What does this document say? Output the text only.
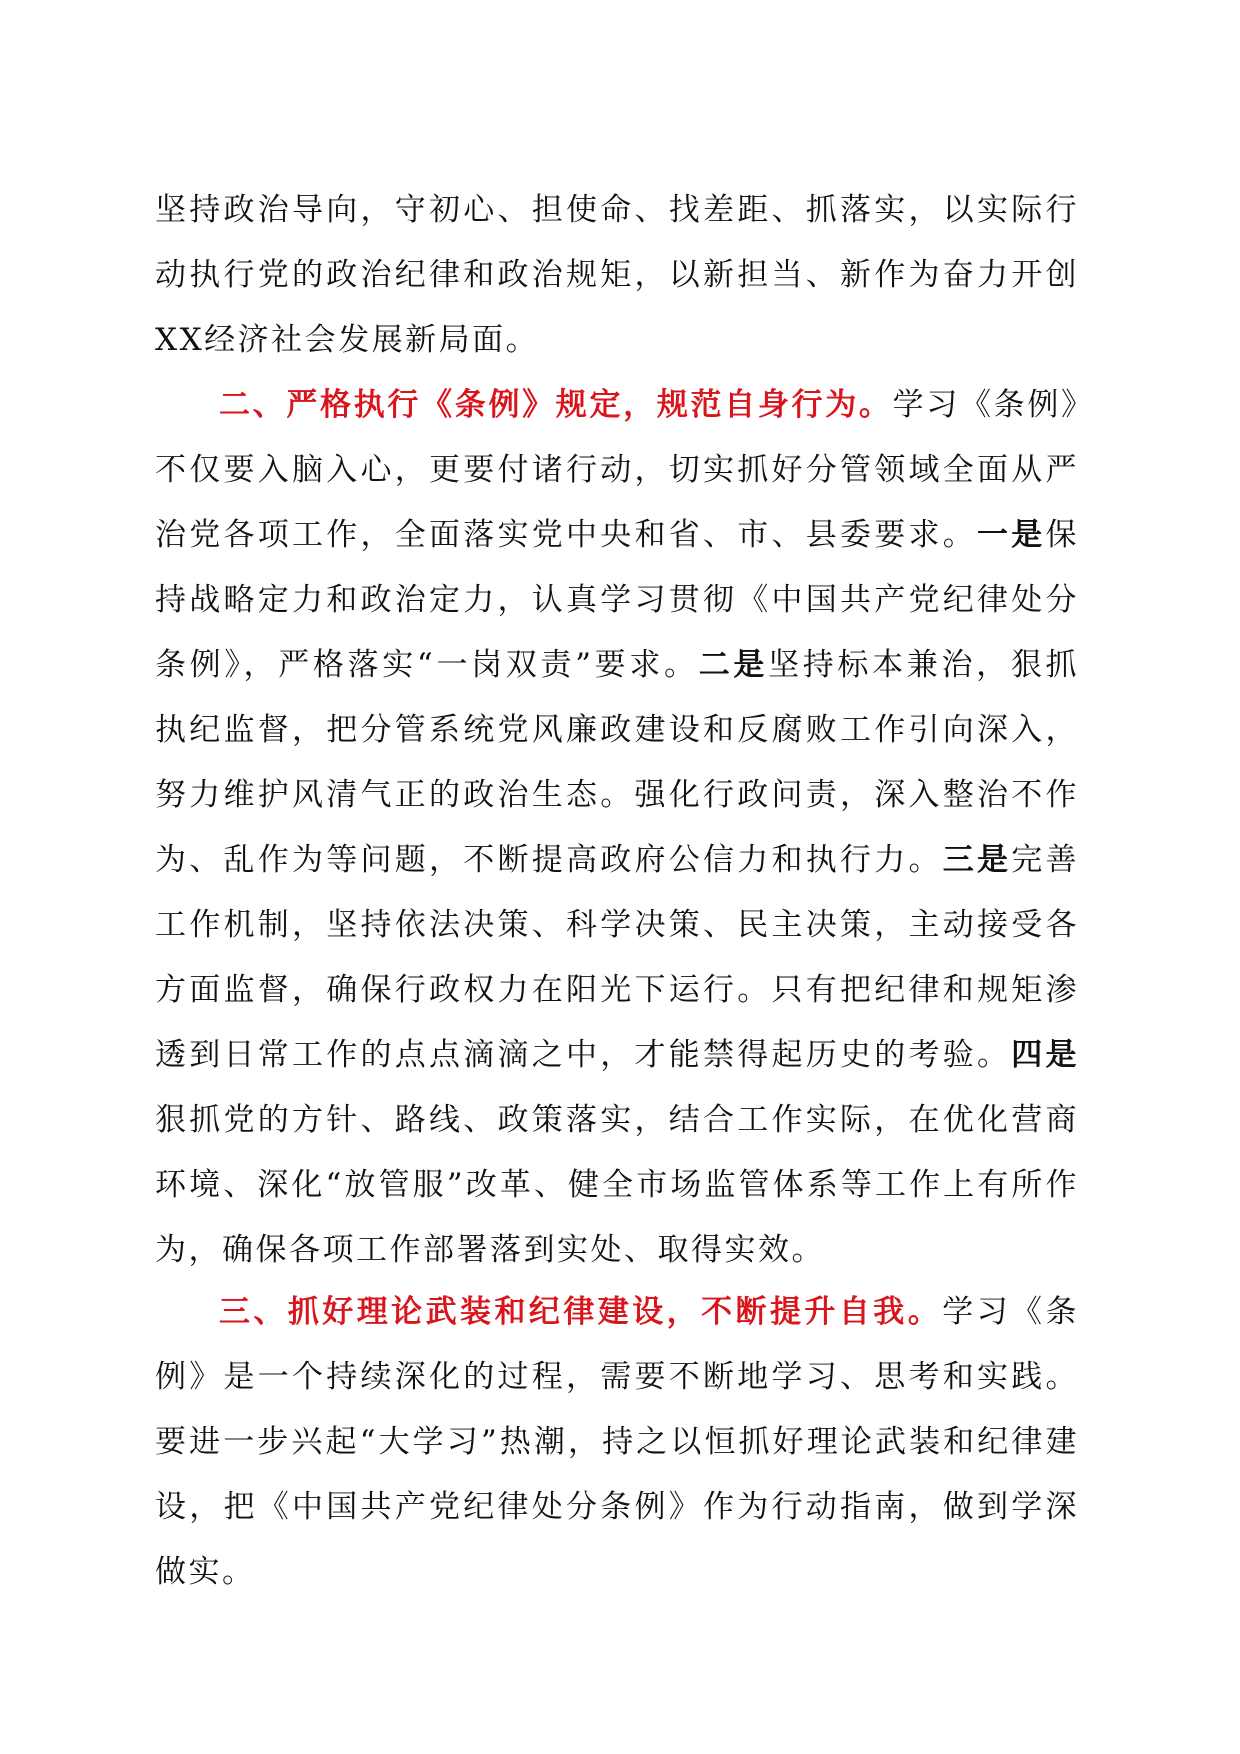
坚持政治导向，守初心、担使命、找差距、抓落实，以实际行动执行党的政治纪律和政治规矩，以新担当、新作为奋力开创XX经济社会发展新局面。

二、严格执行《条例》规定，规范自身行为。学习《条例》不仅要入脑入心，更要付诸行动，切实抓好分管领域全面从严治党各项工作，全面落实党中央和省、市、县委要求。一是保持战略定力和政治定力，认真学习贯彻《中国共产党纪律处分条例》，严格落实“一岗双责”要求。二是坚持标本兼治，狠抓执纪监督，把分管系统党风廉政建设和反腐败工作引向深入，努力维护风清气正的政治生态。强化行政问责，深入整治不作为、乱作为等问题，不断提高政府公信力和执行力。三是完善工作机制，坚持依法决策、科学决策、民主决策，主动接受各方面监督，确保行政权力在阳光下运行。只有把纪律和规矩渗透到日常工作的点点滴滴之中，才能禁得起历史的考验。四是狠抓党的方针、路线、政策落实，结合工作实际，在优化营商环境、深化“放管服”改革、健全市场监管体系等工作上有所作为，确保各项工作部署落到实处、取得实效。

三、抓好理论武装和纪律建设，不断提升自我。学习《条例》是一个持续深化的过程，需要不断地学习、思考和实践。要进一步兴起“大学习”热潮，持之以恒抓好理论武装和纪律建设，把《中国共产党纪律处分条例》作为行动指南，做到学深做实。
